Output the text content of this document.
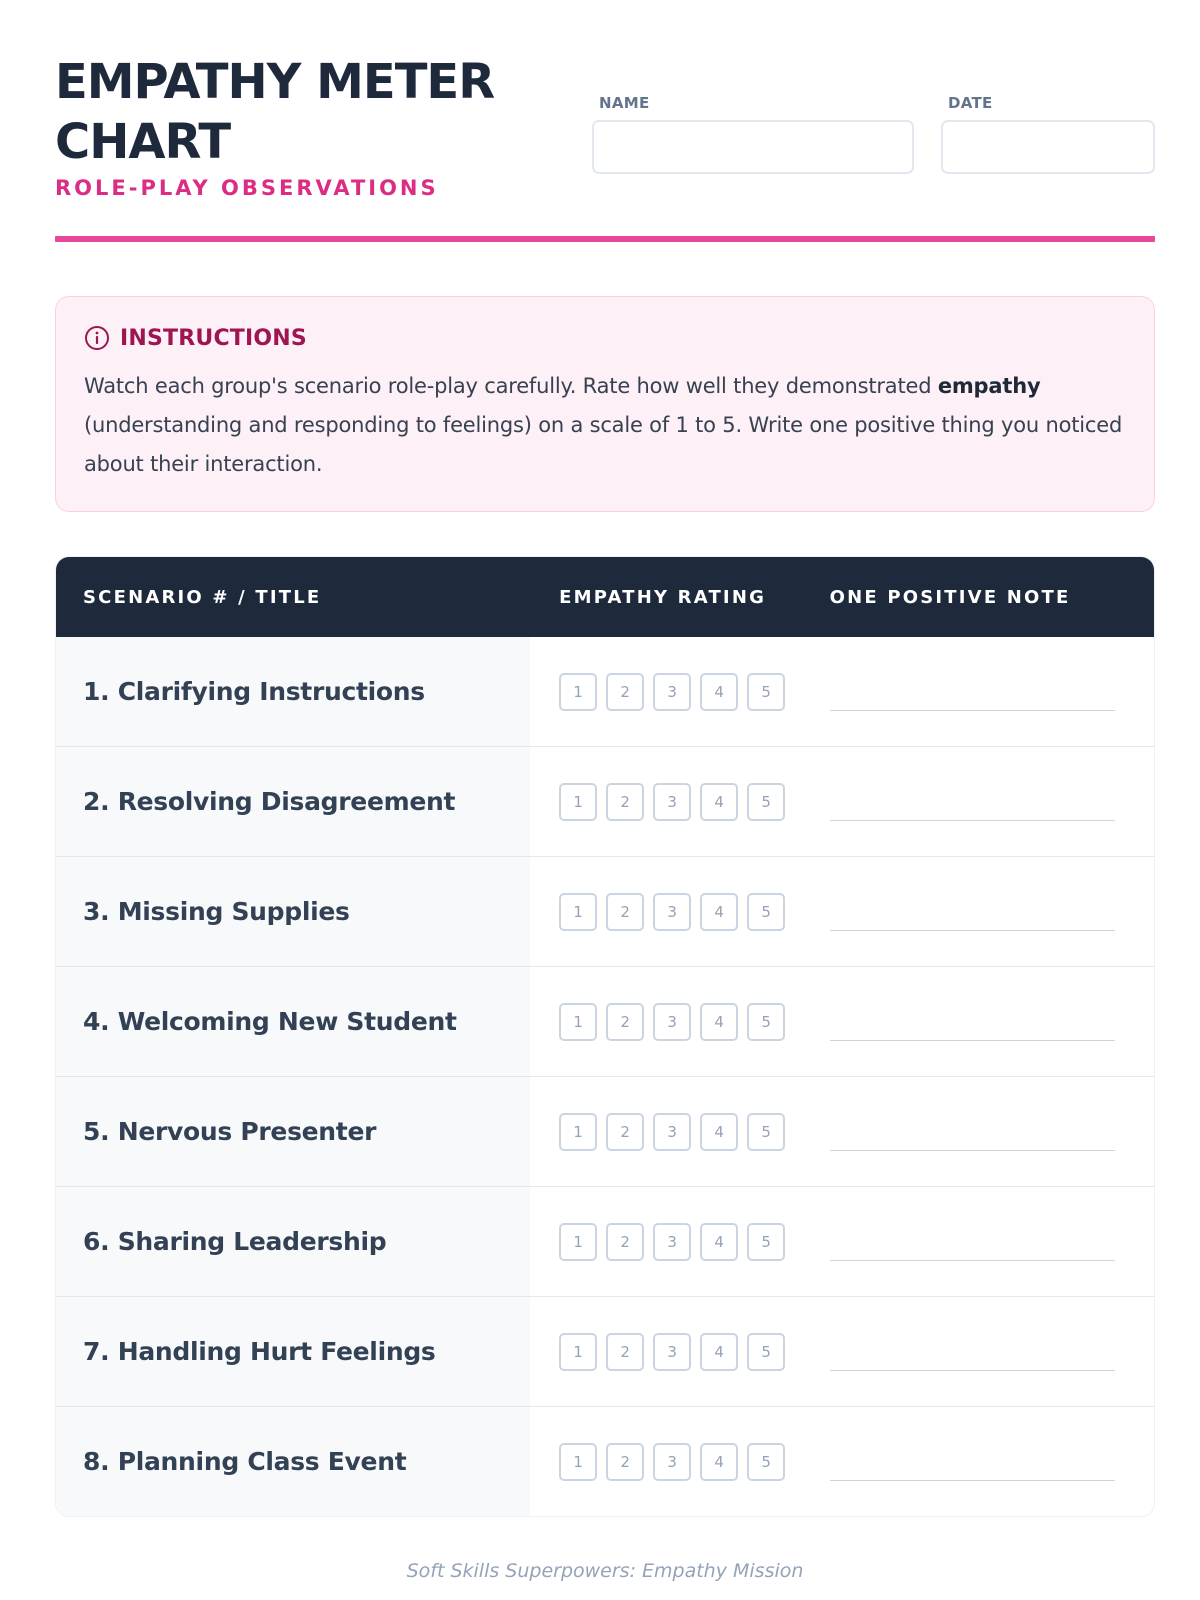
EMPATHY METER
CHART
ROLE-PLAY OBSERVATIONS
NAME	DATE
INSTRUCTIONS

Watch each group's scenario role-play carefully. Rate how well they demonstrated empathy (understanding and responding to feelings) on a scale of 1 to 5. Write one positive thing you noticed about their interaction.

SCENARIO # / TITLE	EMPATHY RATING	ONE POSITIVE NOTE
1. Clarifying Instructions	1	2	3	4	5
2. Resolving Disagreement	1	2	3	4	5
3. Missing Supplies	1	2	3	4	5
4. Welcoming New Student	1	2	3	4	5
5. Nervous Presenter	1	2	3	4	5
6. Sharing Leadership	1	2	3	4	5
7. Handling Hurt Feelings	1	2	3	4	5
8. Planning Class Event	1	2	3	4	5
Soft Skills Superpowers: Empathy Mission
